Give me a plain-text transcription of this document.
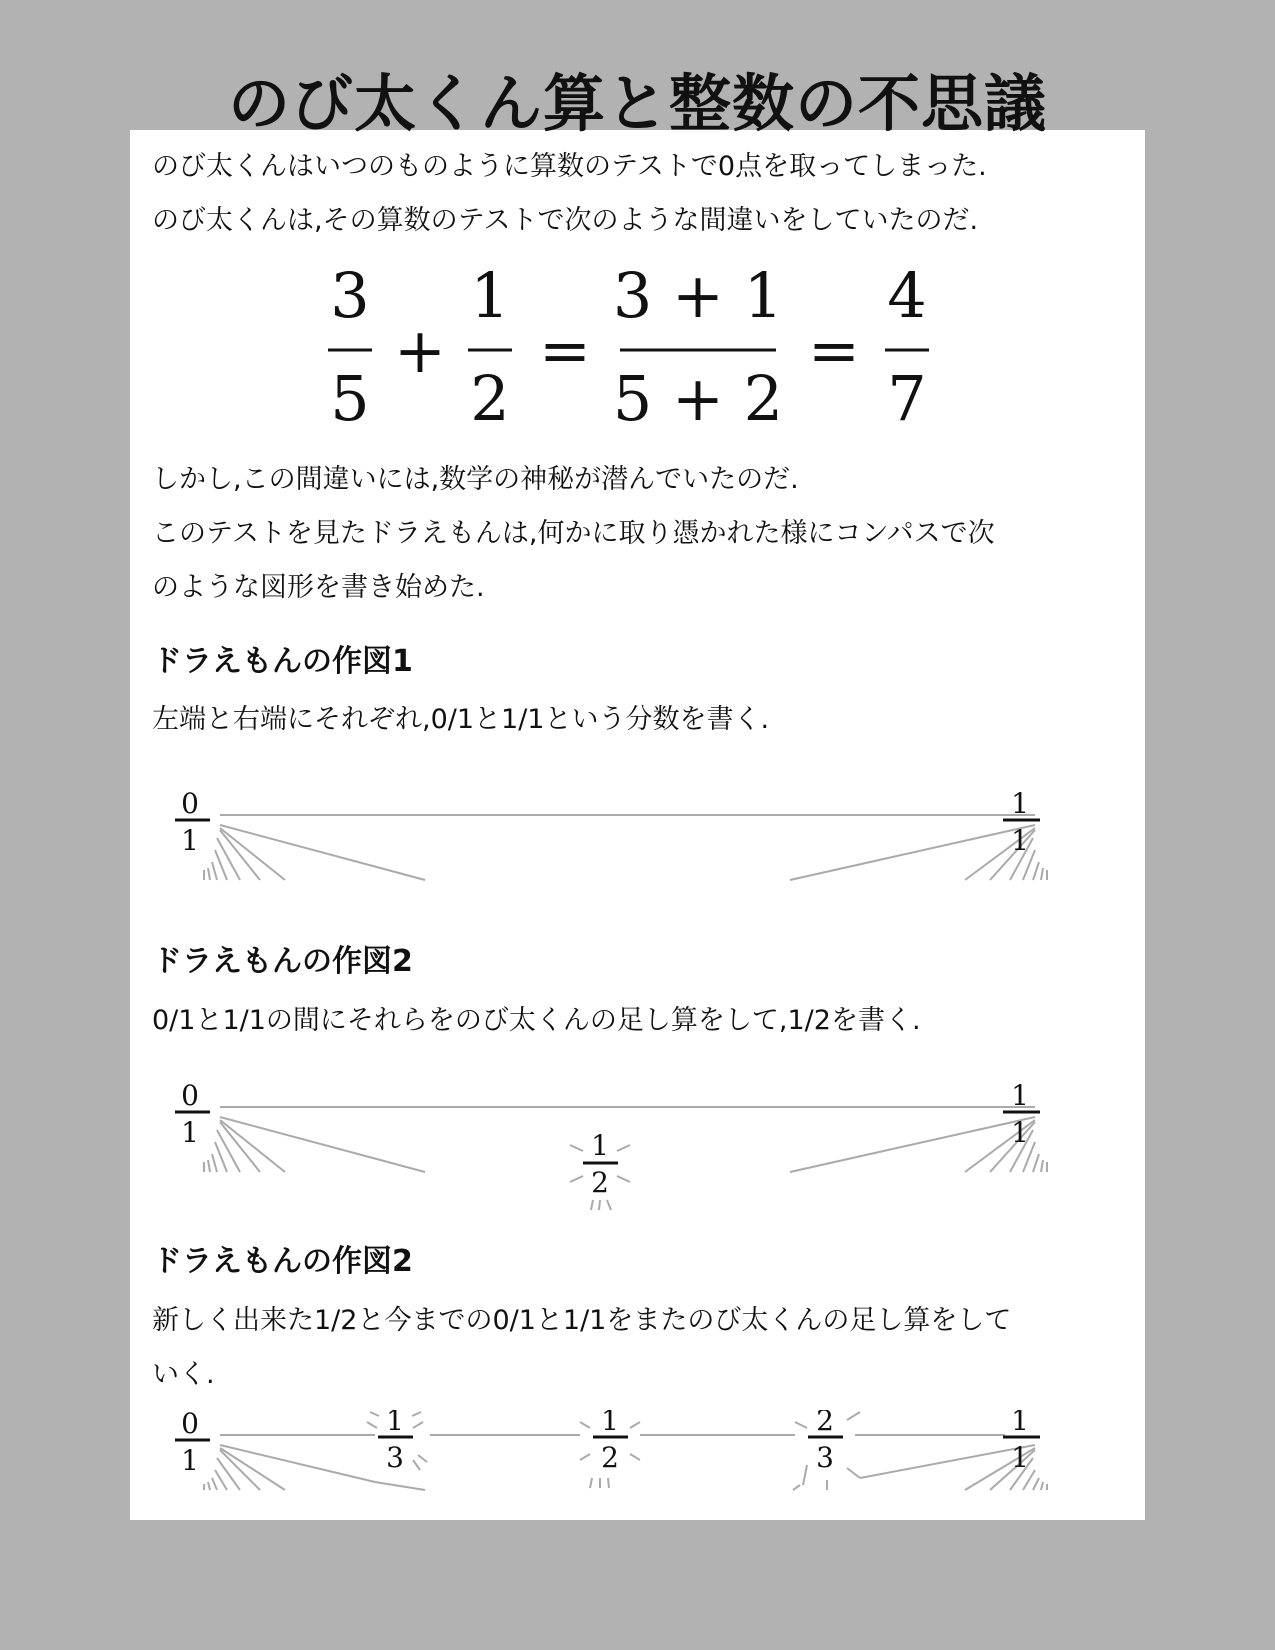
のび太くん算と整数の不思議

のび太くんはいつのものように算数のテストで0点を取ってしまった.

のび太くんは,その算数のテストで次のような間違いをしていたのだ.

3
5
+
1
2
=
3 + 1
5 + 2
=
4
7

しかし,この間違いには,数学の神秘が潜んでいたのだ.

このテストを見たドラえもんは,何かに取り憑かれた様にコンパスで次

のような図形を書き始めた.

ドラえもんの作図1

左端と右端にそれぞれ,0/1と1/1という分数を書く.

0
1
1
1
ドラえもんの作図2

0/1と1/1の間にそれらをのび太くんの足し算をして,1/2を書く.

0
1	1
2
1
1
ドラえもんの作図2

新しく出来た1/2と今までの0/1と1/1をまたのび太くんの足し算をして

いく.

0
1
1
3
1
2
2
3
1
1
